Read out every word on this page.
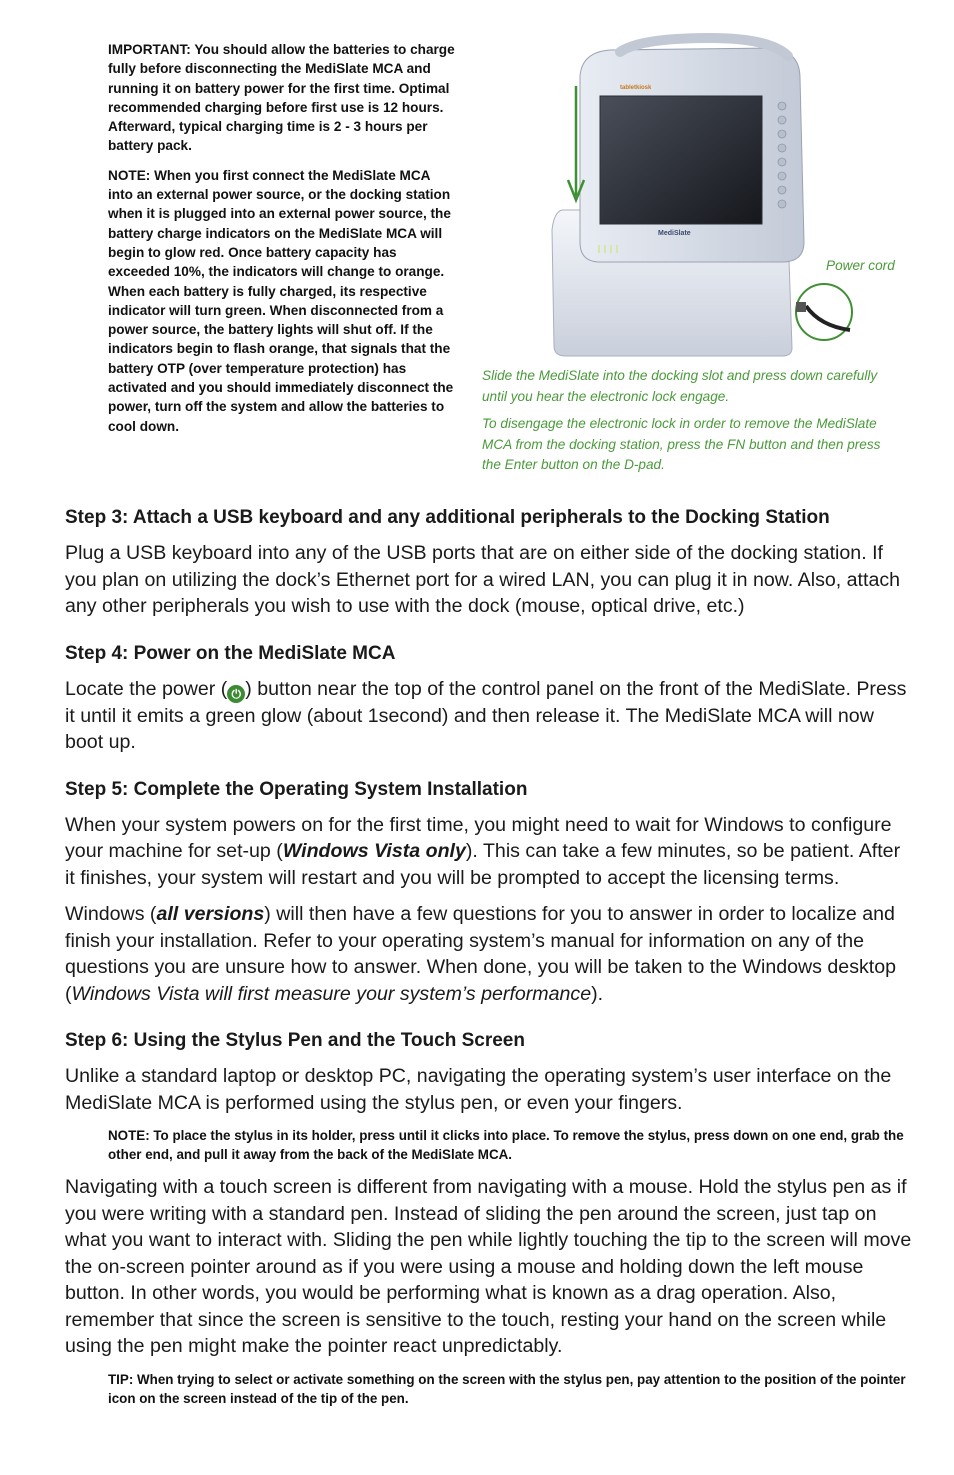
IMPORTANT: You should allow the batteries to charge fully before disconnecting the MediSlate MCA and running it on battery power for the first time. Optimal recommended charging before first use is 12 hours. Afterward, typical charging time is 2 - 3 hours per battery pack.

NOTE: When you first connect the MediSlate MCA into an external power source, or the docking station when it is plugged into an external power source, the battery charge indicators on the MediSlate MCA will begin to glow red. Once battery capacity has exceeded 10%, the indicators will change to orange. When each battery is fully charged, its respective indicator will turn green. When disconnected from a power source, the battery lights will shut off. If the indicators begin to flash orange, that signals that the battery OTP (over temperature protection) has activated and you should immediately disconnect the power, turn off the system and allow the batteries to cool down.

tabletkiosk
MediSlate
Power cord
Slide the MediSlate into the docking slot and press down carefully until you hear the electronic lock engage.
To disengage the electronic lock in order to remove the MediSlate MCA from the docking station, press the FN button and then press the Enter button on the D-pad.
Step 3: Attach a USB keyboard and any additional peripherals to the Docking Station

Plug a USB keyboard into any of the USB ports that are on either side of the docking station. If you plan on utilizing the dock’s Ethernet port for a wired LAN, you can plug it in now. Also, attach any other peripherals you wish to use with the dock (mouse, optical drive, etc.)

Step 4: Power on the MediSlate MCA

Locate the power ( ⏻ ) button near the top of the control panel on the front of the MediSlate. Press it until it emits a green glow (about 1second) and then release it. The MediSlate MCA will now boot up.

Step 5: Complete the Operating System Installation

When your system powers on for the first time, you might need to wait for Windows to configure your machine for set-up (Windows Vista only). This can take a few minutes, so be patient. After it finishes, your system will restart and you will be prompted to accept the licensing terms.

Windows (all versions) will then have a few questions for you to answer in order to localize and finish your installation. Refer to your operating system’s manual for information on any of the questions you are unsure how to answer. When done, you will be taken to the Windows desktop (Windows Vista will first measure your system’s performance).

Step 6: Using the Stylus Pen and the Touch Screen

Unlike a standard laptop or desktop PC, navigating the operating system’s user interface on the MediSlate MCA is performed using the stylus pen, or even your fingers.

NOTE: To place the stylus in its holder, press until it clicks into place. To remove the stylus, press down on one end, grab the other end, and pull it away from the back of the MediSlate MCA.

Navigating with a touch screen is different from navigating with a mouse. Hold the stylus pen as if you were writing with a standard pen. Instead of sliding the pen around the screen, just tap on what you want to interact with. Sliding the pen while lightly touching the tip to the screen will move the on-screen pointer around as if you were using a mouse and holding down the left mouse button. In other words, you would be performing what is known as a drag operation. Also, remember that since the screen is sensitive to the touch, resting your hand on the screen while using the pen might make the pointer react unpredictably.

TIP: When trying to select or activate something on the screen with the stylus pen, pay attention to the position of the pointer icon on the screen instead of the tip of the pen.
